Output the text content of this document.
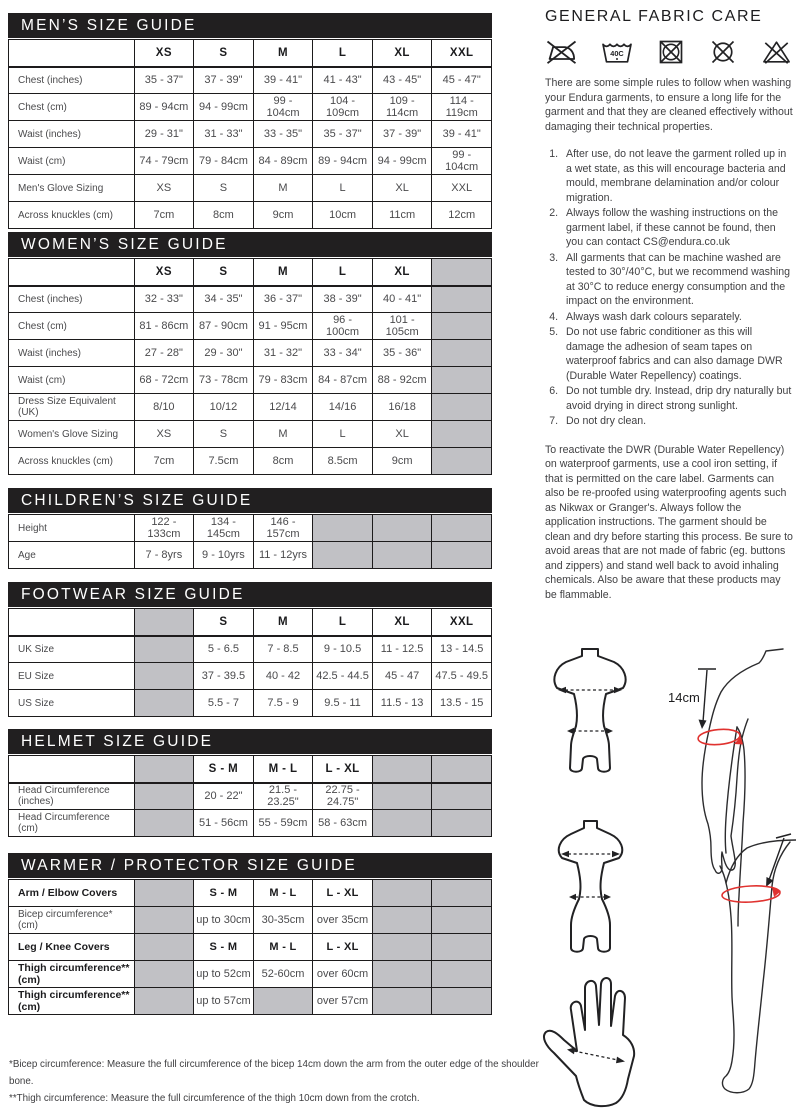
MEN’S SIZE GUIDE
	XS	S	M	L	XL	XXL
Chest (inches)	35 - 37"	37 - 39"	39 - 41"	41 - 43"	43 - 45"	45 - 47"
Chest (cm)	89 - 94cm	94 - 99cm	99 - 104cm	104 - 109cm	109 - 114cm	114 - 119cm
Waist (inches)	29 - 31"	31 - 33"	33 - 35"	35 - 37"	37 - 39"	39 - 41"
Waist (cm)	74 - 79cm	79 - 84cm	84 - 89cm	89 - 94cm	94 - 99cm	99 - 104cm
Men's Glove Sizing	XS	S	M	L	XL	XXL
Across knuckles (cm)	7cm	8cm	9cm	10cm	11cm	12cm
WOMEN’S SIZE GUIDE
	XS	S	M	L	XL	
Chest (inches)	32 - 33"	34 - 35"	36 - 37"	38 - 39"	40 - 41"	
Chest (cm)	81 - 86cm	87 - 90cm	91 - 95cm	96 - 100cm	101 - 105cm	
Waist (inches)	27 - 28"	29 - 30"	31 - 32"	33 - 34"	35 - 36"	
Waist (cm)	68 - 72cm	73 - 78cm	79 - 83cm	84 - 87cm	88 - 92cm	
Dress Size Equivalent (UK)	8/10	10/12	12/14	14/16	16/18	
Women's Glove Sizing	XS	S	M	L	XL	
Across knuckles (cm)	7cm	7.5cm	8cm	8.5cm	9cm	
CHILDREN’S SIZE GUIDE
Height	122 - 133cm	134 - 145cm	146 - 157cm			
Age	7 - 8yrs	9 - 10yrs	11 - 12yrs			
FOOTWEAR SIZE GUIDE
		S	M	L	XL	XXL
UK Size		5 - 6.5	7 - 8.5	9 - 10.5	11 - 12.5	13 - 14.5
EU Size		37 - 39.5	40 - 42	42.5 - 44.5	45 - 47	47.5 - 49.5
US Size		5.5 - 7	7.5 - 9	9.5 - 11	11.5 - 13	13.5 - 15
HELMET SIZE GUIDE
		S - M	M - L	L - XL		
Head Circumference (inches)		20 - 22"	21.5 - 23.25"	22.75 - 24.75"		
Head Circumference (cm)		51 - 56cm	55 - 59cm	58 - 63cm		
WARMER / PROTECTOR SIZE GUIDE
Arm / Elbow Covers		S - M	M - L	L - XL		
Bicep circumference* (cm)		up to 30cm	30-35cm	over 35cm		
Leg / Knee Covers		S - M	M - L	L - XL		
Thigh circumference** (cm)		up to 52cm	52-60cm	over 60cm		
Thigh circumference** (cm)		up to 57cm		over 57cm		
*Bicep circumference: Measure the full circumference of the bicep 14cm down the arm from the outer edge of the shoulder bone.
**Thigh circumference: Measure the full circumference of the thigh 10cm down from the crotch.
GENERAL FABRIC CARE
40C

There are some simple rules to follow when washing your Endura garments, to ensure a long life for the garment and that they are cleaned effectively without damaging their technical properties.

1. After use, do not leave the garment rolled up in a wet state, as this will encourage bacteria and mould, membrane delamination and/or colour migration.
2. Always follow the washing instructions on the garment label, if these cannot be found, then you can contact CS@endura.co.uk
3. All garments that can be machine washed are tested to 30°/40°C, but we recommend washing at 30°C to reduce energy consumption and the impact on the environment.
4. Always wash dark colours separately.
5. Do not use fabric conditioner as this will damage the adhesion of seam tapes on waterproof fabrics and can also damage DWR (Durable Water Repellency) coatings.
6. Do not tumble dry. Instead, drip dry naturally but avoid drying in direct strong sunlight.
7. Do not dry clean.

To reactivate the DWR (Durable Water Repellency) on waterproof garments, use a cool iron setting, if that is permitted on the care label. Garments can also be re-proofed using waterproofing agents such as Nikwax or Granger's. Always follow the application instructions. The garment should be clean and dry before starting this process. Be sure to avoid areas that are not made of fabric (eg. buttons and zippers) and stand well back to avoid inhaling chemicals. Also be aware that these products may be flammable.

14cm
